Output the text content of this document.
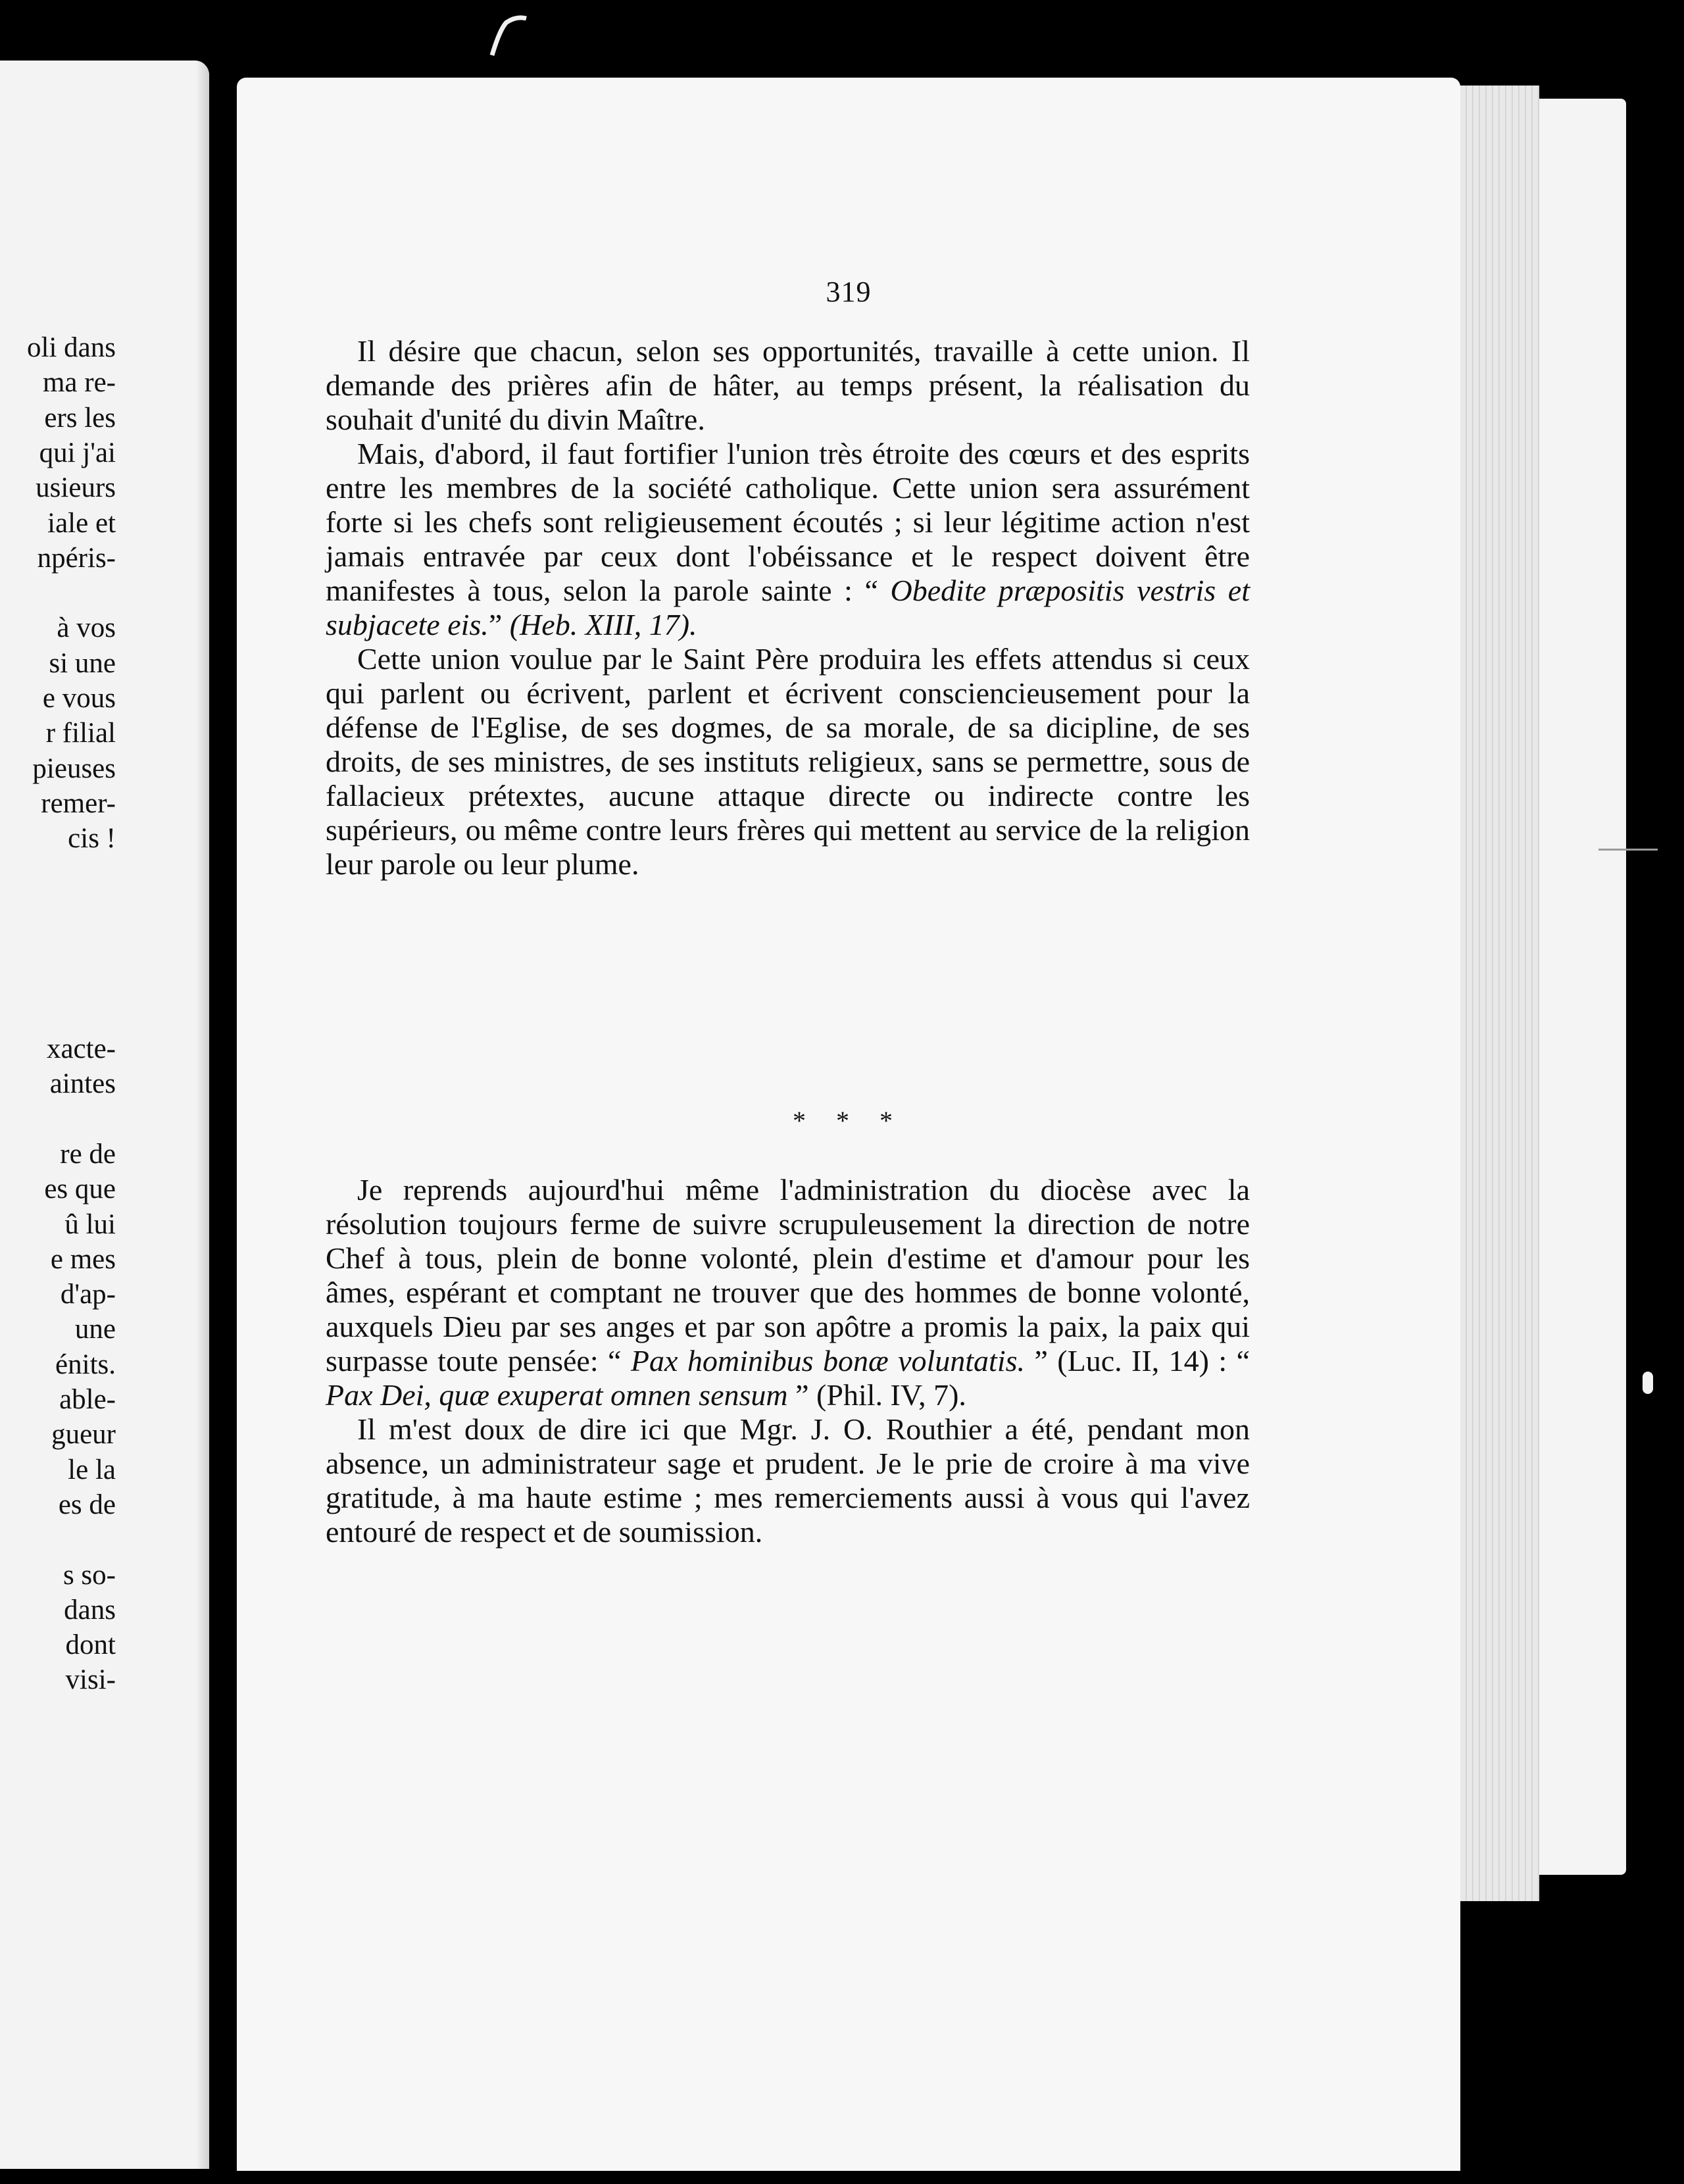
oli dans
ma re-
ers les
qui j'ai
usieurs
iale et
npéris-
à vos
si une
e vous
r filial
pieuses
remer-
cis !
xacte-
aintes
re de
es que
û lui
e mes
d'ap-
une
énits.
able-
gueur
le la
es de
s so-
dans
dont
visi-
319

Il désire que chacun, selon ses opportunités, travaille à cette union. Il demande des prières afin de hâter, au temps présent, la réalisation du souhait d'unité du divin Maître.

Mais, d'abord, il faut fortifier l'union très étroite des cœurs et des esprits entre les membres de la société catholique. Cette union sera assurément forte si les chefs sont religieusement écoutés ; si leur légitime action n'est jamais entravée par ceux dont l'obéissance et le respect doivent être manifestes à tous, selon la parole sainte : “ Obedite præpositis vestris et subjacete eis.” (Heb. XIII, 17).

Cette union voulue par le Saint Père produira les effets attendus si ceux qui parlent ou écrivent, parlent et écrivent consciencieusement pour la défense de l'Eglise, de ses dogmes, de sa morale, de sa dicipline, de ses droits, de ses ministres, de ses instituts religieux, sans se permettre, sous de fallacieux prétextes, aucune attaque directe ou indirecte contre les supérieurs, ou même contre leurs frères qui mettent au service de la religion leur parole ou leur plume.

* * *

Je reprends aujourd'hui même l'administration du diocèse avec la résolution toujours ferme de suivre scrupuleusement la direction de notre Chef à tous, plein de bonne volonté, plein d'estime et d'amour pour les âmes, espérant et comptant ne trouver que des hommes de bonne volonté, auxquels Dieu par ses anges et par son apôtre a promis la paix, la paix qui surpasse toute pensée: “ Pax hominibus bonæ voluntatis. ” (Luc. II, 14) : “ Pax Dei, quæ exuperat omnen sensum ” (Phil. IV, 7).

Il m'est doux de dire ici que Mgr. J. O. Routhier a été, pendant mon absence, un administrateur sage et prudent. Je le prie de croire à ma vive gratitude, à ma haute estime ; mes remerciements aussi à vous qui l'avez entouré de respect et de soumission.
